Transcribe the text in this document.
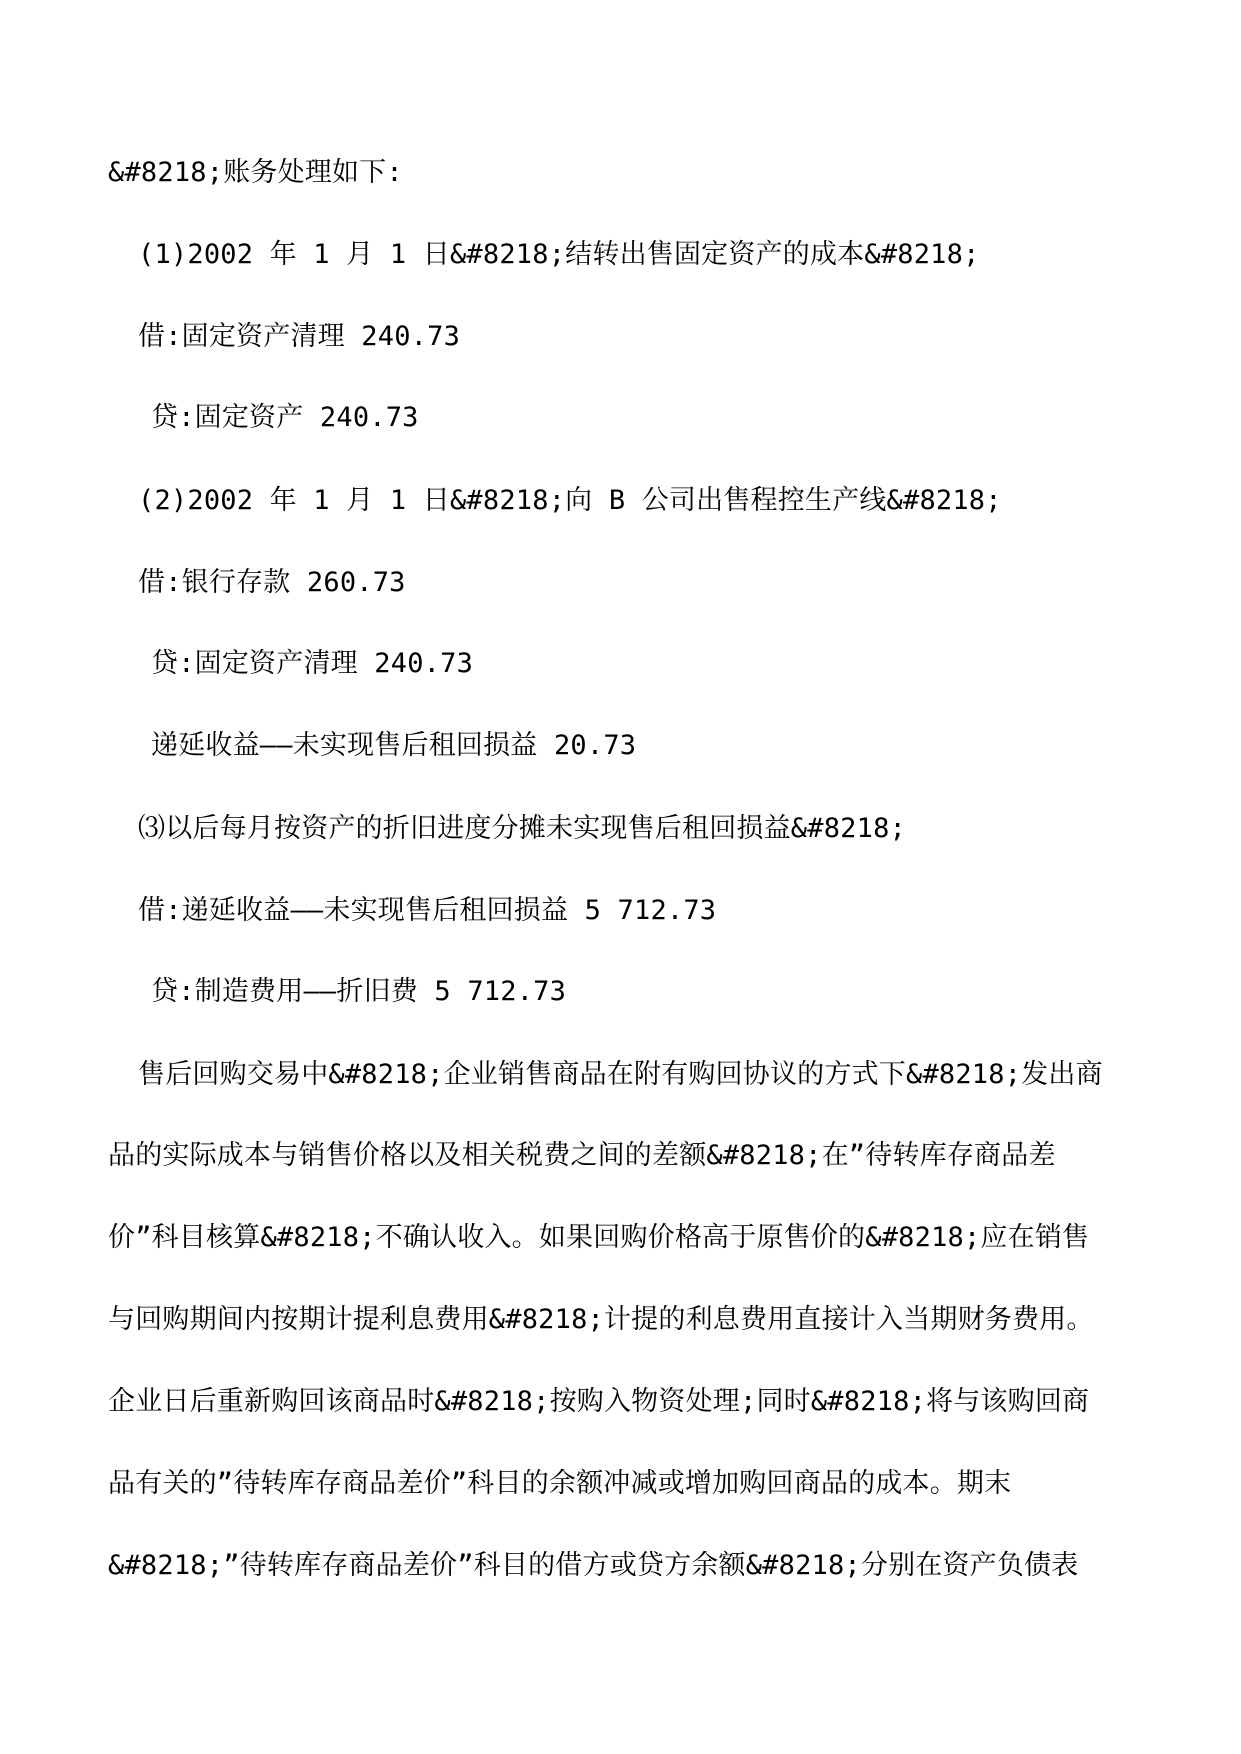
&#8218;账务处理如下:
(1)2002 年 1 月 1 日&#8218;结转出售固定资产的成本&#8218;
借:固定资产清理 240.73
贷:固定资产 240.73
(2)2002 年 1 月 1 日&#8218;向 B 公司出售程控生产线&#8218;
借:银行存款 260.73
贷:固定资产清理 240.73
递延收益——未实现售后租回损益 20.73
⑶以后每月按资产的折旧进度分摊未实现售后租回损益&#8218;
借:递延收益——未实现售后租回损益 5 712.73
贷:制造费用——折旧费 5 712.73
售后回购交易中&#8218;企业销售商品在附有购回协议的方式下&#8218;发出商
品的实际成本与销售价格以及相关税费之间的差额&#8218;在”待转库存商品差
价”科目核算&#8218;不确认收入。如果回购价格高于原售价的&#8218;应在销售
与回购期间内按期计提利息费用&#8218;计提的利息费用直接计入当期财务费用。
企业日后重新购回该商品时&#8218;按购入物资处理;同时&#8218;将与该购回商
品有关的”待转库存商品差价”科目的余额冲减或增加购回商品的成本。期末
&#8218;”待转库存商品差价”科目的借方或贷方余额&#8218;分别在资产负债表
